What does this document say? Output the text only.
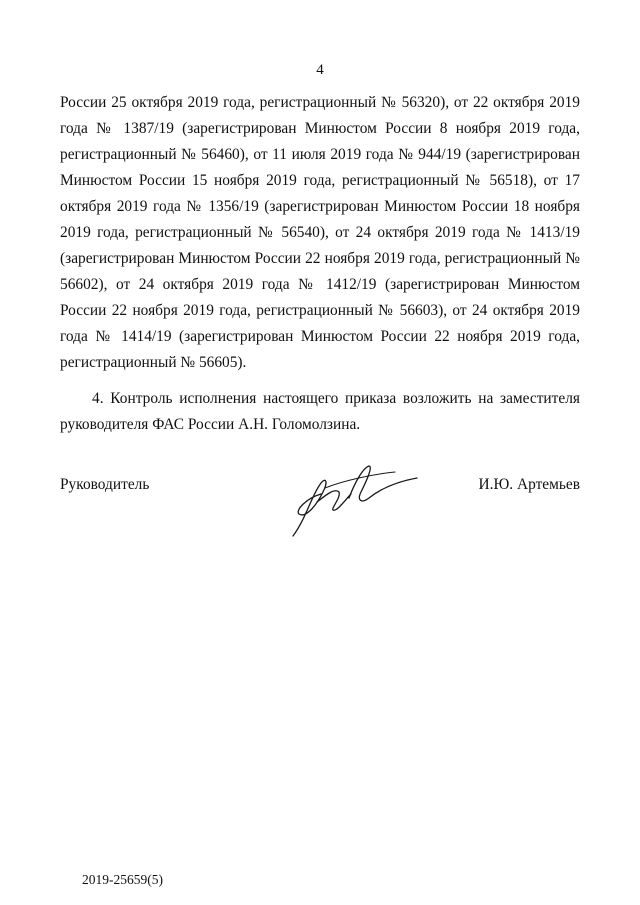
4

России 25 октября 2019 года, регистрационный № 56320), от 22 октября 2019 года № 1387/19 (зарегистрирован Минюстом России 8 ноября 2019 года, регистрационный № 56460), от 11 июля 2019 года № 944/19 (зарегистрирован Минюстом России 15 ноября 2019 года, регистрационный № 56518), от 17 октября 2019 года № 1356/19 (зарегистрирован Минюстом России 18 ноября 2019 года, регистрационный № 56540), от 24 октября 2019 года № 1413/19 (зарегистрирован Минюстом России 22 ноября 2019 года, регистрационный № 56602), от 24 октября 2019 года № 1412/19 (зарегистрирован Минюстом России 22 ноября 2019 года, регистрационный № 56603), от 24 октября 2019 года № 1414/19 (зарегистрирован Минюстом России 22 ноября 2019 года, регистрационный № 56605).

4. Контроль исполнения настоящего приказа возложить на заместителя руководителя ФАС России А.Н. Голомолзина.

Руководитель	И.Ю. Артемьев
2019-25659(5)
